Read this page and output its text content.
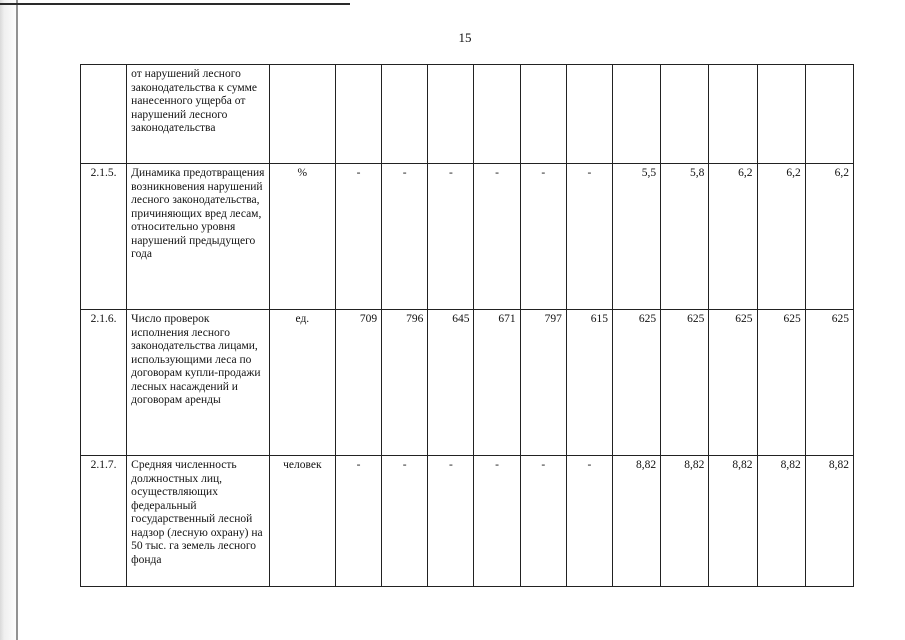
15
	от нарушений лесного законодательства к сумме нанесенного ущерба от нарушений лесного законодательства												
2.1.5.	Динамика предотвращения возникновения нарушений лесного законодательства, причиняющих вред лесам, относительно уровня нарушений предыдущего года	%	-	-	-	-	-	-	5,5	5,8	6,2	6,2	6,2
2.1.6.	Число проверок исполнения лесного законодательства лицами, использующими леса по договорам купли-продажи лесных насаждений и договорам аренды	ед.	709	796	645	671	797	615	625	625	625	625	625
2.1.7.	Средняя численность должностных лиц, осуществляющих федеральный государственный лесной надзор (лесную охрану) на 50 тыс. га земель лесного фонда	человек	-	-	-	-	-	-	8,82	8,82	8,82	8,82	8,82
